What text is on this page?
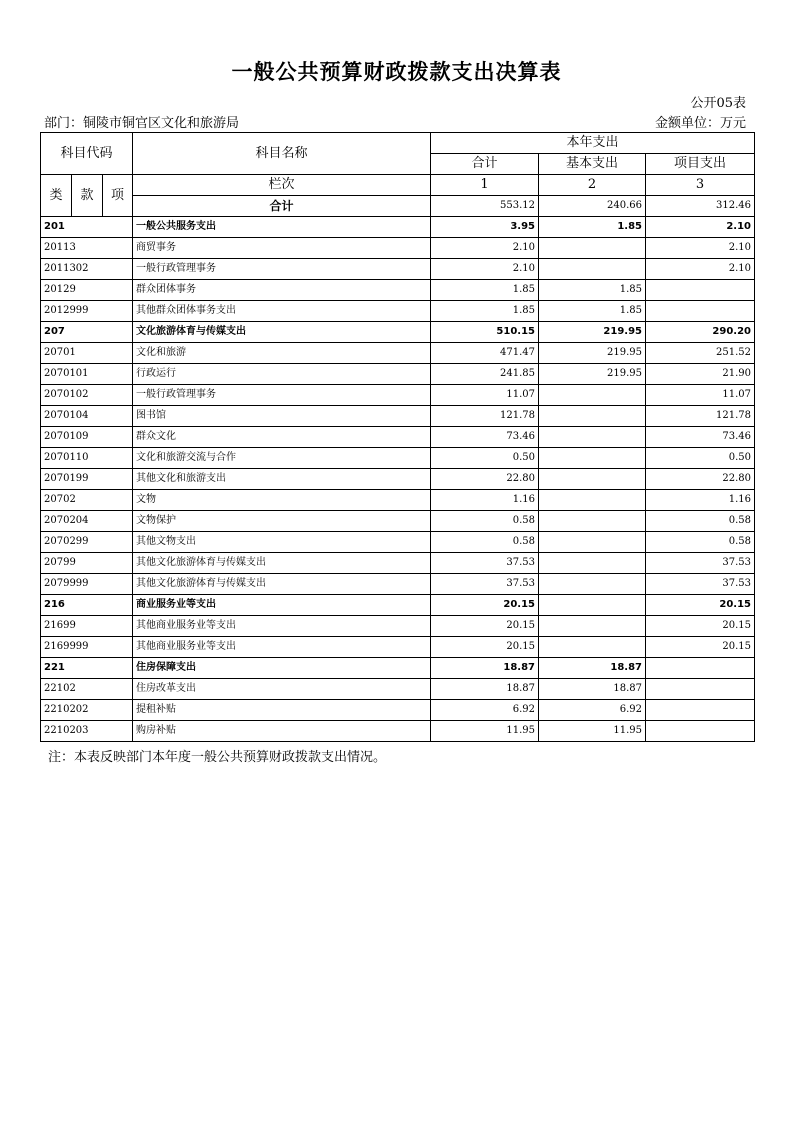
一般公共预算财政拨款支出决算表
公开05表
部门：铜陵市铜官区文化和旅游局	金额单位：万元
科目代码			科目名称	本年支出		
				合计	基本支出	项目支出
类	款	项	栏次	1	2	3
			合计	553.12	240.66	312.46
201			一般公共服务支出	3.95	1.85	2.10
20113			商贸事务	2.10		2.10
2011302			一般行政管理事务	2.10		2.10
20129			群众团体事务	1.85	1.85	
2012999			其他群众团体事务支出	1.85	1.85	
207			文化旅游体育与传媒支出	510.15	219.95	290.20
20701			文化和旅游	471.47	219.95	251.52
2070101			行政运行	241.85	219.95	21.90
2070102			一般行政管理事务	11.07		11.07
2070104			图书馆	121.78		121.78
2070109			群众文化	73.46		73.46
2070110			文化和旅游交流与合作	0.50		0.50
2070199			其他文化和旅游支出	22.80		22.80
20702			文物	1.16		1.16
2070204			文物保护	0.58		0.58
2070299			其他文物支出	0.58		0.58
20799			其他文化旅游体育与传媒支出	37.53		37.53
2079999			其他文化旅游体育与传媒支出	37.53		37.53
216			商业服务业等支出	20.15		20.15
21699			其他商业服务业等支出	20.15		20.15
2169999			其他商业服务业等支出	20.15		20.15
221			住房保障支出	18.87	18.87	
22102			住房改革支出	18.87	18.87	
2210202			提租补贴	6.92	6.92	
2210203			购房补贴	11.95	11.95	
注：本表反映部门本年度一般公共预算财政拨款支出情况。
